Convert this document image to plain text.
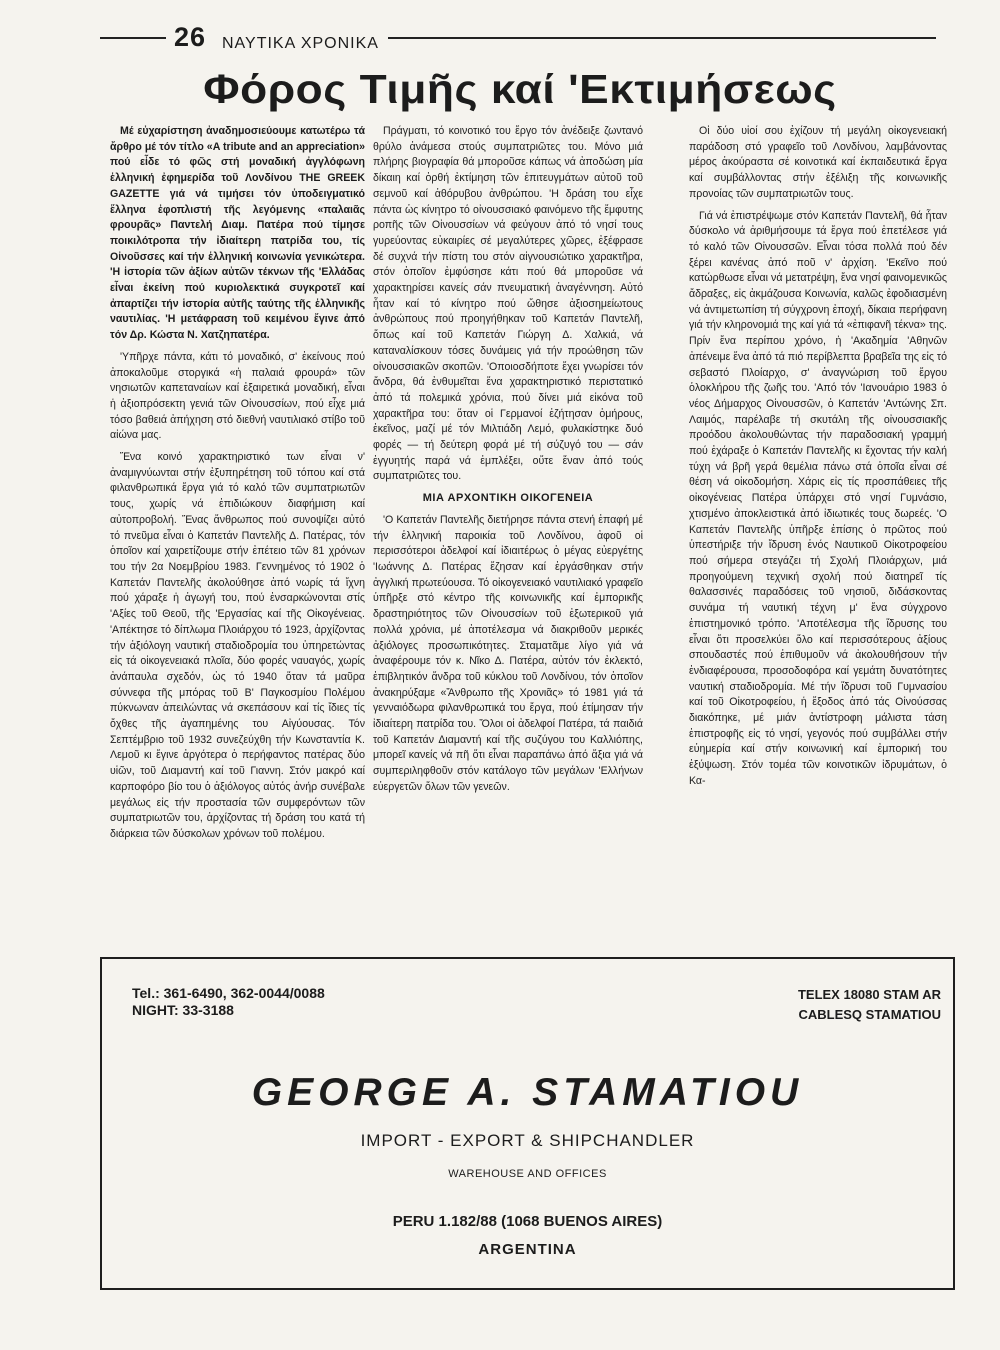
26 ΝΑΥΤΙΚΑ ΧΡΟΝΙΚΑ
Φόρος Τιμῆς καί 'Εκτιμήσεως

Μέ εὐχαρίστηση ἀναδημοσιεύουμε κατωτέρω τά ἄρθρο μέ τόν τίτλο «A tribute and an appreciation» πού εἶδε τό φῶς στή μοναδική ἀγγλόφωνη ἑλληνική ἐφημερίδα τοῦ Λονδίνου THE GREEK GAZETTE γιά νά τιμήσει τόν ὑποδειγματικό ἕλληνα ἐφοπλιστή τῆς λεγόμενης «παλαιᾶς φρουρᾶς» Παντελή Διαμ. Πατέρα πού τίμησε ποικιλότροπα τήν ἰδιαίτερη πατρίδα του, τίς Οἰνοῦσσες καί τήν ἑλληνική κοινωνία γενικώτερα. 'Η ἱστορία τῶν ἀξίων αὐτῶν τέκνων τῆς 'Ελλάδας εἶναι ἐκείνη πού κυριολεκτικά συγκροτεῖ καί ἀπαρτίζει τήν ἱστορία αὐτῆς ταύτης τῆς ἑλληνικῆς ναυτιλίας. 'Η μετάφραση τοῦ κειμένου ἔγινε ἀπό τόν Δρ. Κώστα Ν. Χατζηπατέρα.

'Υπῆρχε πάντα, κάτι τό μοναδικό, σ' ἐκείνους πού ἀποκαλοῦμε στοργικά «ἡ παλαιά φρουρά» τῶν νησιωτῶν καπεταναίων καί ἐξαιρετικά μοναδική, εἶναι ἡ ἀξιοπρόσεκτη γενιά τῶν Οἰνουσσίων, πού εἶχε μιά τόσο βαθειά ἀπήχηση στό διεθνή ναυτιλιακό στίβο τοῦ αἰώνα μας.

Ἕνα κοινό χαρακτηριστικό των εἶναι ν' ἀναμιγνύωνται στήν ἐξυπηρέτηση τοῦ τόπου καί στά φιλανθρωπικά ἔργα γιά τό καλό τῶν συμπατριωτῶν τους, χωρίς νά ἐπιδιώκουν διαφήμιση καί αὐτοπροβολή. Ἕνας ἄνθρωπος πού συνοψίζει αὐτό τό πνεῦμα εἶναι ὁ Καπετάν Παντελῆς Δ. Πατέρας, τόν ὁποῖον καί χαιρετίζουμε στήν ἐπέτειο τῶν 81 χρόνων του τήν 2α Νοεμβρίου 1983. Γεννημένος τό 1902 ὁ Καπετάν Παντελῆς ἀκολούθησε ἀπό νωρίς τά ἴχνη πού χάραξε ἡ ἀγωγή του, πού ἐνσαρκώνονται στίς 'Αξίες τοῦ Θεοῦ, τῆς 'Εργασίας καί τῆς Οἰκογένειας. 'Απέκτησε τό δίπλωμα Πλοιάρχου τό 1923, ἀρχίζοντας τήν ἀξιόλογη ναυτική σταδιοδρομία του ὑπηρετώντας εἰς τά οἰκογενειακά πλοῖα, δύο φορές ναυαγός, χωρίς ἀνάπαυλα σχεδόν, ὡς τό 1940 ὅταν τά μαῦρα σύννεφα τῆς μπόρας τοῦ Β' Παγκοσμίου Πολέμου πύκνωναν ἀπειλώντας νά σκεπάσουν καί τίς ἴδιες τίς ὄχθες τῆς ἀγαπημένης του Αἰγύουσας. Τόν Σεπτέμβριο τοῦ 1932 συνεζεύχθη τήν Κωνσταντία Κ. Λεμοῦ κι ἔγινε ἀργότερα ὁ περήφαντος πατέρας δύο υἱῶν, τοῦ Διαμαντή καί τοῦ Γιαννη. Στόν μακρό καί καρποφόρο βίο του ὁ ἀξιόλογος αὐτός ἀνήρ συνέβαλε μεγάλως εἰς τήν προστασία τῶν συμφερόντων τῶν συμπατριωτῶν του, ἀρχίζοντας τή δράση του κατά τή διάρκεια τῶν δύσκολων χρόνων τοῦ πολέμου.

Πράγματι, τό κοινοτικό του ἔργο τόν ἀνέδειξε ζωντανό θρύλο ἀνάμεσα στούς συμπατριῶτες του. Μόνο μιά πλήρης βιογραφία θά μποροῦσε κάπως νά ἀποδώση μία δίκαιη καί ὀρθή ἐκτίμηση τῶν ἐπιτευγμάτων αὐτοῦ τοῦ σεμνοῦ καί ἀθόρυβου ἀνθρώπου. 'Η δράση του εἶχε πάντα ὡς κίνητρο τό οἰνουσσιακό φαινόμενο τῆς ἔμφυτης ροπῆς τῶν Οἰνουσσίων νά φεύγουν ἀπό τό νησί τους γυρεύοντας εὐκαιρίες σέ μεγαλύτερες χῶρες, ἐξέφρασε δέ συχνά τήν πίστη του στόν αἰγνουσιώτικο χαρακτῆρα, στόν ὁποῖον ἐμφύσησε κάτι πού θά μποροῦσε νά χαρακτηρίσει κανείς σάν πνευματική ἀναγέννηση. Αὐτό ἦταν καί τό κίνητρο πού ὤθησε ἀξιοσημείωτους ἀνθρώπους πού προηγήθηκαν τοῦ Καπετάν Παντελῆ, ὅπως καί τοῦ Καπετάν Γιώργη Δ. Χαλκιά, νά καταναλίσκουν τόσες δυνάμεις γιά τήν προώθηση τῶν οἰνουσσιακῶν σκοπῶν. 'Οποιοσδήποτε ἔχει γνωρίσει τόν ἄνδρα, θά ἐνθυμεῖται ἕνα χαρακτηριστικό περιστατικό ἀπό τά πολεμικά χρόνια, πού δίνει μιά εἰκόνα τοῦ χαρακτῆρα του: ὅταν οἱ Γερμανοί ἐζήτησαν ὁμήρους, ἐκεῖνος, μαζί μέ τόν Μιλτιάδη Λεμό, φυλακίστηκε δυό φορές — τή δεύτερη φορά μέ τή σύζυγό του — σάν ἐγγυητής παρά νά ἐμπλέξει, οὔτε ἕναν ἀπό τούς συμπατριῶτες του.

ΜΙΑ ΑΡΧΟΝΤΙΚΗ ΟΙΚΟΓΕΝΕΙΑ

'Ο Καπετάν Παντελῆς διετήρησε πάντα στενή ἐπαφή μέ τήν ἑλληνική παροικία τοῦ Λονδίνου, ἀφοῦ οἱ περισσότεροι ἀδελφοί καί ἰδιαιτέρως ὁ μέγας εὐεργέτης 'Ιωάννης Δ. Πατέρας ἔζησαν καί ἐργάσθηκαν στήν ἀγγλική πρωτεύουσα. Τό οἰκογενειακό ναυτιλιακό γραφεῖο ὑπῆρξε στό κέντρο τῆς κοινωνικῆς καί ἐμπορικῆς δραστηριότητος τῶν Οἰνουσσίων τοῦ ἐξωτερικοῦ γιά πολλά χρόνια, μέ ἀποτέλεσμα νά διακριθοῦν μερικές ἀξιόλογες προσωπικότητες. Σταματᾶμε λίγο γιά νά ἀναφέρουμε τόν κ. Νῖκο Δ. Πατέρα, αὐτόν τόν ἐκλεκτό, ἐπιβλητικόν ἄνδρα τοῦ κύκλου τοῦ Λονδίνου, τόν ὁποῖον ἀνακηρύξαμε «Ἄνθρωπο τῆς Χρονιᾶς» τό 1981 γιά τά γενναιόδωρα φιλανθρωπικά του ἔργα, πού ἐτίμησαν τήν ἰδιαίτερη πατρίδα του. Ὅλοι οἱ ἀδελφοί Πατέρα, τά παιδιά τοῦ Καπετάν Διαμαντή καί τῆς συζύγου του Καλλιόπης, μπορεῖ κανείς νά πῆ ὅτι εἶναι παραπάνω ἀπό ἄξια γιά νά συμπεριληφθοῦν στόν κατάλογο τῶν μεγάλων 'Ελλήνων εὐεργετῶν ὅλων τῶν γενεῶν.

Οἱ δύο υἱοί σου ἐχίζουν τή μεγάλη οἰκογενειακή παράδοση στό γραφεῖο τοῦ Λονδίνου, λαμβάνοντας μέρος ἀκούραστα σέ κοινοτικά καί ἐκπαιδευτικά ἔργα καί συμβάλλοντας στήν ἐξέλιξη τῆς κοινωνικῆς προνοίας τῶν συμπατριωτῶν τους.

Γιά νά ἐπιστρέψωμε στόν Καπετάν Παντελῆ, θά ἦταν δύσκολο νά ἀριθμήσουμε τά ἔργα πού ἐπετέλεσε γιά τό καλό τῶν Οἰνουσσῶν. Εἶναι τόσα πολλά πού δέν ξέρει κανένας ἀπό ποῦ ν' ἀρχίση. 'Εκεῖνο πού κατώρθωσε εἶναι νά μετατρέψη, ἕνα νησί φαινομενικῶς ἄδραξες, εἰς ἀκμάζουσα Κοινωνία, καλῶς ἐφοδιασμένη νά ἀντιμετωπίση τή σύγχρονη ἐποχή, δίκαια περήφανη γιά τήν κληρονομιά της καί γιά τά «ἐπιφανῆ τέκνα» της. Πρίν ἕνα περίπου χρόνο, ἡ 'Ακαδημία 'Αθηνῶν ἀπένειμε ἕνα ἀπό τά πιό περίβλεπτα βραβεῖα της εἰς τό σεβαστό Πλοίαρχο, σ' ἀναγνώριση τοῦ ἔργου ὁλοκλήρου τῆς ζωῆς του. 'Από τόν 'Ιανουάριο 1983 ὁ νέος Δήμαρχος Οἰνουσσῶν, ὁ Καπετάν 'Αντώνης Σπ. Λαιμός, παρέλαβε τή σκυτάλη τῆς οἰνουσσιακῆς προόδου ἀκολουθώντας τήν παραδοσιακή γραμμή πού ἐχάραξε ὁ Καπετάν Παντελῆς κι ἔχοντας τήν καλή τύχη νά βρῆ γερά θεμέλια πάνω στά ὁποῖα εἶναι σέ θέση νά οἰκοδομήση. Χάρις εἰς τίς προσπάθειες τῆς οἰκογένειας Πατέρα ὑπάρχει στό νησί Γυμνάσιο, χτισμένο ἀποκλειστικά ἀπό ἰδιωτικές τους δωρεές. 'Ο Καπετάν Παντελῆς ὑπῆρξε ἐπίσης ὁ πρῶτος πού ὑπεστήριξε τήν ἵδρυση ἑνός Ναυτικοῦ Οἰκοτροφείου πού σήμερα στεγάζει τή Σχολή Πλοιάρχων, μιά προηγούμενη τεχνική σχολή πού διατηρεῖ τίς θαλασσινές παραδόσεις τοῦ νησιοῦ, διδάσκοντας συνάμα τή ναυτική τέχνη μ' ἕνα σύγχρονο ἐπιστημονικό τρόπο. 'Αποτέλεσμα τῆς ἵδρυσης του εἶναι ὅτι προσελκύει ὅλο καί περισσότερους ἀξίους σπουδαστές πού ἐπιθυμοῦν νά ἀκολουθήσουν τήν ἐνδιαφέρουσα, προσοδοφόρα καί γεμάτη δυνατότητες ναυτική σταδιοδρομία. Μέ τήν ἵδρυσι τοῦ Γυμνασίου καί τοῦ Οἰκοτροφείου, ἡ ἔξοδος ἀπό τάς Οἰνούσσας διακόπηκε, μέ μιάν ἀντίστροφη μάλιστα τάση ἐπιστροφῆς εἰς τό νησί, γεγονός πού συμβάλλει στήν εὐημερία καί στήν κοινωνική καί ἐμπορική του ἐξύψωση. Στόν τομέα τῶν κοινοτικῶν ἱδρυμάτων, ὁ Κα-

Tel.: 361-6490, 362-0044/0088
NIGHT: 33-3188
TELEX 18080 STAM AR
CABLESQ STAMATIOU
GEORGE A. STAMATIOU
IMPORT - EXPORT & SHIPCHANDLER
WAREHOUSE AND OFFICES
PERU 1.182/88 (1068 BUENOS AIRES)
ARGENTINA
